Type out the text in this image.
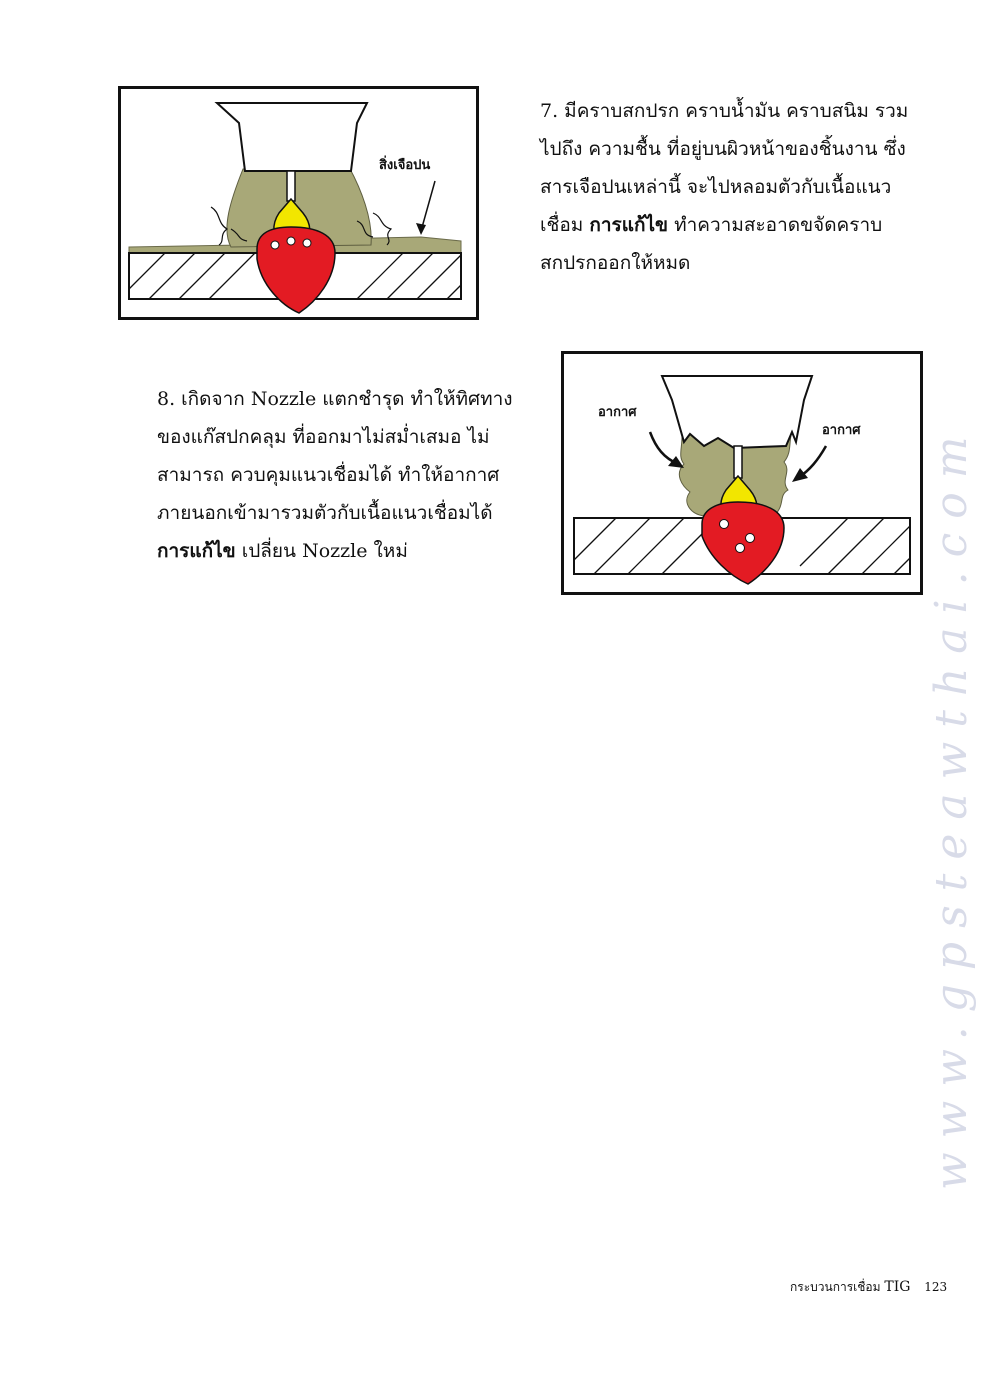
สิ่งเจือปน

7. มีคราบสกปรก คราบน้ำมัน คราบสนิม รวม
ไปถึง ความชื้น ที่อยู่บนผิวหน้าของชิ้นงาน ซึ่ง
สารเจือปนเหล่านี้ จะไปหลอมตัวกับเนื้อแนว
เชื่อม การแก้ไข ทำความสะอาดขจัดคราบ
สกปรกออกให้หมด

8. เกิดจาก Nozzle แตกชำรุด ทำให้ทิศทาง
ของแก๊สปกคลุม ที่ออกมาไม่สม่ำเสมอ ไม่
สามารถ ควบคุมแนวเชื่อมได้ ทำให้อากาศ
ภายนอกเข้ามารวมตัวกับเนื้อแนวเชื่อมได้
การแก้ไข เปลี่ยน Nozzle ใหม่

อากาศ
อากาศ www.gpsteawthai.com
กระบวนการเชื่อม TIG 123
